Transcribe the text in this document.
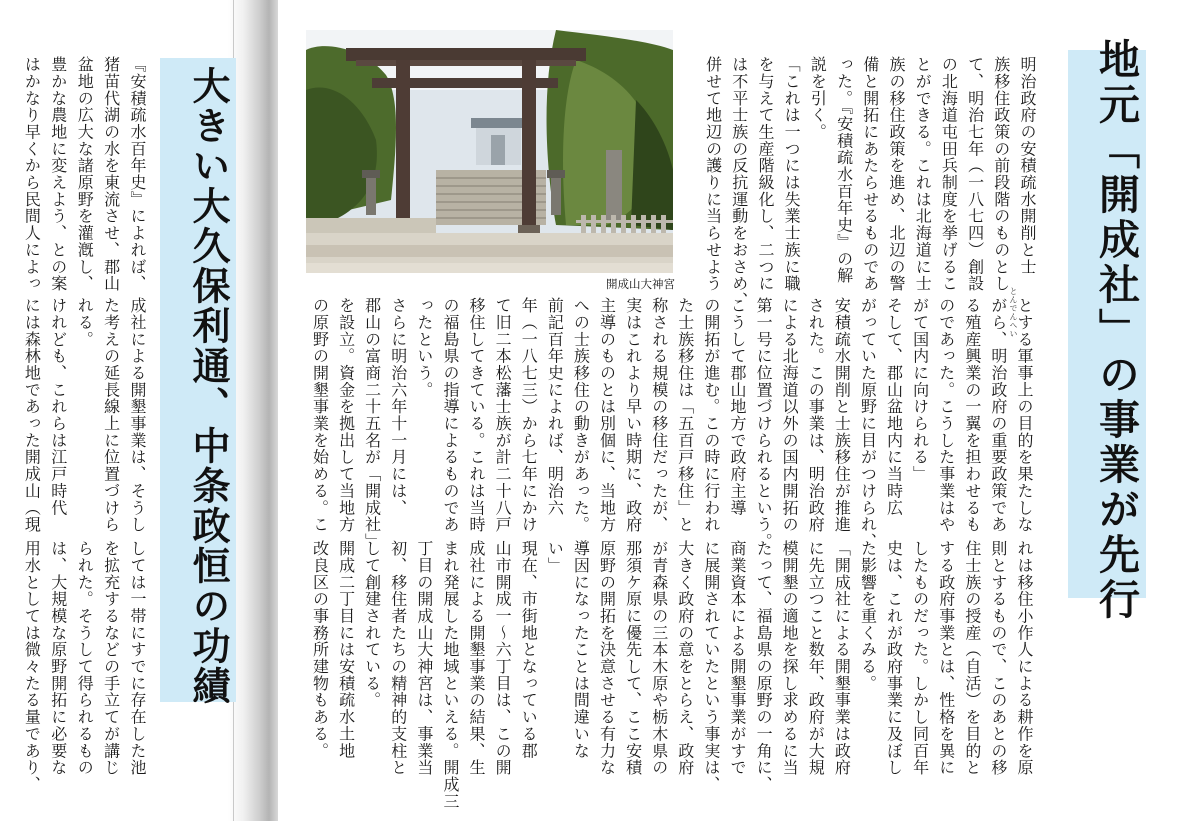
地元「開成社」の事業が先行
とんでんへい
明治政府の安積疏水開削と士
族移住政策の前段階のものとし
て、明治七年（一八七四）創設
の北海道屯田兵制度を挙げるこ
とができる。これは北海道に士
族の移住政策を進め、北辺の警
備と開拓にあたらせるものであ
った。『安積疏水百年史』の解
説を引く。
「これは一つには失業士族に職
を与えて生産階級化し、二つに
は不平士族の反抗運動をおさめ、
併せて地辺の護りに当らせよう
とする軍事上の目的を果たしな
がら、明治政府の重要政策であ
る殖産興業の一翼を担わせるも
のであった。こうした事業はや
がて国内に向けられる」
そして、郡山盆地内に当時広
がっていた原野に目がつけられ、
安積疏水開削と士族移住が推進
された。この事業は、明治政府
による北海道以外の国内開拓の
第一号に位置づけられるという。
こうして郡山地方で政府主導
の開拓が進む。この時に行われ
た士族移住は「五百戸移住」と
称される規模の移住だったが、
実はこれより早い時期に、政府
主導のものとは別個に、当地方
への士族移住の動きがあった。
前記百年史によれば、明治六
年（一八七三）から七年にかけ
て旧二本松藩士族が計二十八戸
移住してきている。これは当時
の福島県の指導によるものであ
ったという。
さらに明治六年十一月には、
郡山の富商二十五名が「開成社」
を設立。資金を拠出して当地方
の原野の開墾事業を始める。こ
れは移住小作人による耕作を原
則とするもので、このあとの移
住士族の授産（自活）を目的と
する政府事業とは、性格を異に
したものだった。しかし同百年
史は、これが政府事業に及ぼし
た影響を重くみる。
「開成社による開墾事業は政府
に先立つこと数年、政府が大規
模開墾の適地を探し求めるに当
たって、福島県の原野の一角に、
商業資本による開墾事業がすで
に展開されていたという事実は、
大きく政府の意をとらえ、政府
が青森県の三本木原や栃木県の
那須ケ原に優先して、ここ安積
原野の開拓を決意させる有力な
導因になったことは間違いな
い」
現在、市街地となっている郡
山市開成一〜六丁目は、この開
成社による開墾事業の結果、生
まれ発展した地域といえる。開成三
丁目の開成山大神宮は、事業当
初、移住者たちの精神的支柱と
して創建されている。
開成二丁目には安積疏水土地
改良区の事務所建物もある。
開成山大神宮
大きい大久保利通、中条政恒の功績
『安積疏水百年史』によれば、
猪苗代湖の水を東流させ、郡山
盆地の広大な諸原野を灌漑し、
豊かな農地に変えよう、との案
はかなり早くから民間人によっ
成社による開墾事業は、そうし
た考えの延長線上に位置づけら
れる。
けれども、これらは江戸時代
には森林地であった開成山（現
しては一帯にすでに存在した池
を拡充するなどの手立てが講じ
られた。そうして得られるもの
は、大規模な原野開拓に必要な
用水としては微々たる量であり、
